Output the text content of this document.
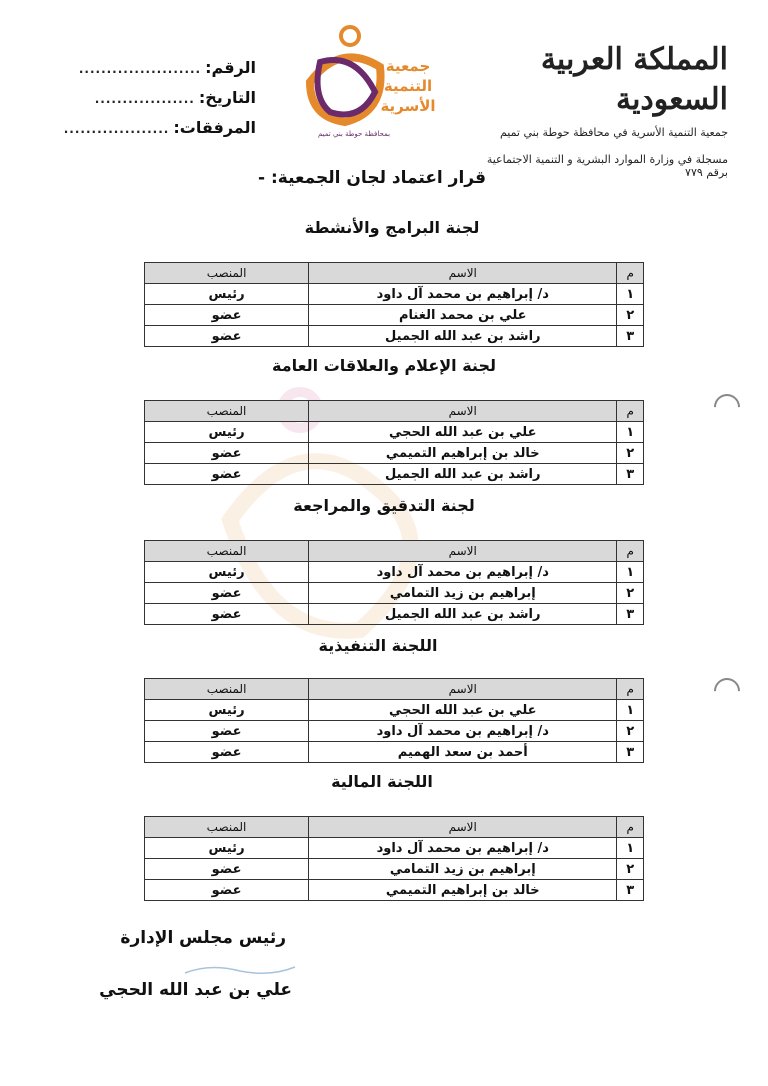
المملكة العربية السعودية
جمعية التنمية الأسرية في محافظة حوطة بني تميم
مسجلة في وزارة الموارد البشرية و التنمية الاجتماعية برقم ٧٧٩
جمعية التنمية الأسرية
بمحافظة حوطة بني تميم
الرقم:
......................
التاريخ:
..................
المرفقات:
...................
قرار اعتماد لجان الجمعية: -
لجنة البرامج والأنشطة
م	الاسم	المنصب
١	د/ إبراهيم بن محمد آل داود	رئيس
٢	علي بن محمد الغنام	عضو
٣	راشد بن عبد الله الجميل	عضو
لجنة الإعلام والعلاقات العامة
م	الاسم	المنصب
١	علي بن عبد الله الحجي	رئيس
٢	خالد بن إبراهيم التميمي	عضو
٣	راشد بن عبد الله الجميل	عضو
لجنة التدقيق والمراجعة
م	الاسم	المنصب
١	د/ إبراهيم بن محمد آل داود	رئيس
٢	إبراهيم بن زيد التمامي	عضو
٣	راشد بن عبد الله الجميل	عضو
اللجنة التنفيذية
م	الاسم	المنصب
١	علي بن عبد الله الحجي	رئيس
٢	د/ إبراهيم بن محمد آل داود	عضو
٣	أحمد بن سعد الهميم	عضو
اللجنة المالية
م	الاسم	المنصب
١	د/ إبراهيم بن محمد آل داود	رئيس
٢	إبراهيم بن زيد التمامي	عضو
٣	خالد بن إبراهيم التميمي	عضو
رئيس مجلس الإدارة
علي بن عبد الله الحجي
